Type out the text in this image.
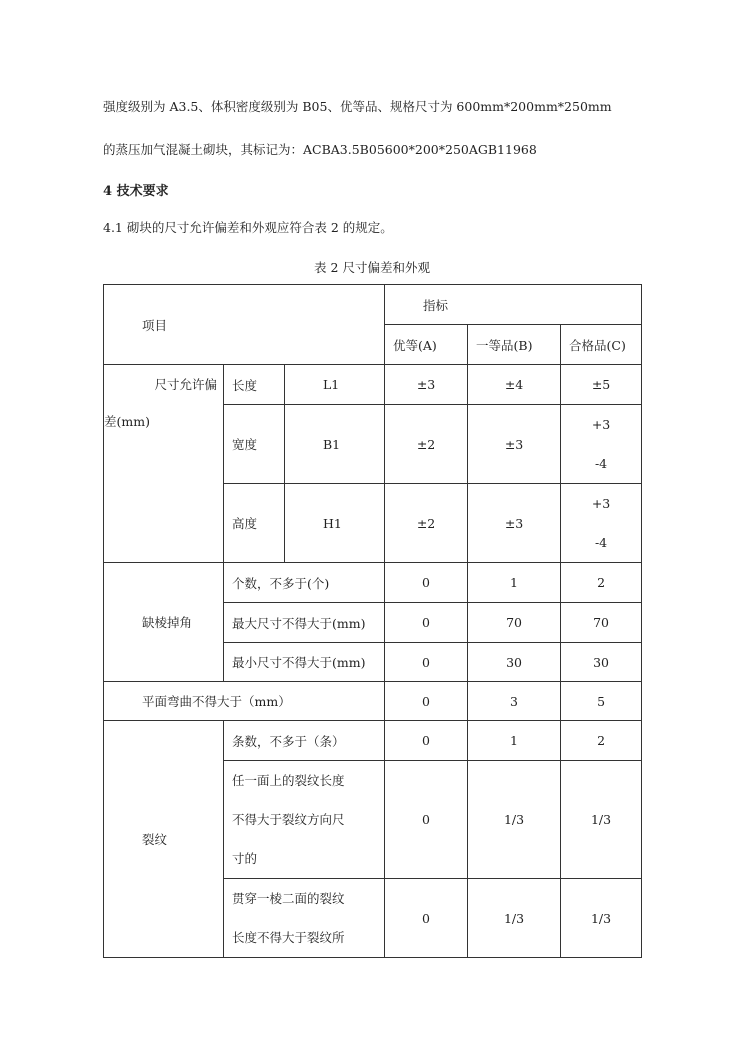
强度级别为 A3.5、体积密度级别为 B05、优等品、规格尺寸为 600mm*200mm*250mm
的蒸压加气混凝土砌块，其标记为：ACBA3.5B05600*200*250AGB11968
4 技术要求
4.1 砌块的尺寸允许偏差和外观应符合表 2 的规定。
表 2 尺寸偏差和外观
项目			指标		
			优等(A)	一等品(B)	合格品(C)

尺寸允许偏
差(mm)	长度	L1	±3	±4	±5
	宽度	B1	±2	±3	+3
-4

	高度	H1	±2	±3	+3
-4

缺棱掉角	个数，不多于(个)		0	1	2
	最大尺寸不得大于(mm)		0	70	70
	最小尺寸不得大于(mm)		0	30	30
平面弯曲不得大于（mm）			0	3	5
裂纹	条数，不多于（条）		0	1	2

	任一面上的裂纹长度
不得大于裂纹方向尺
寸的		0	1/3	1/3

	贯穿一棱二面的裂纹
长度不得大于裂纹所		0	1/3	1/3
